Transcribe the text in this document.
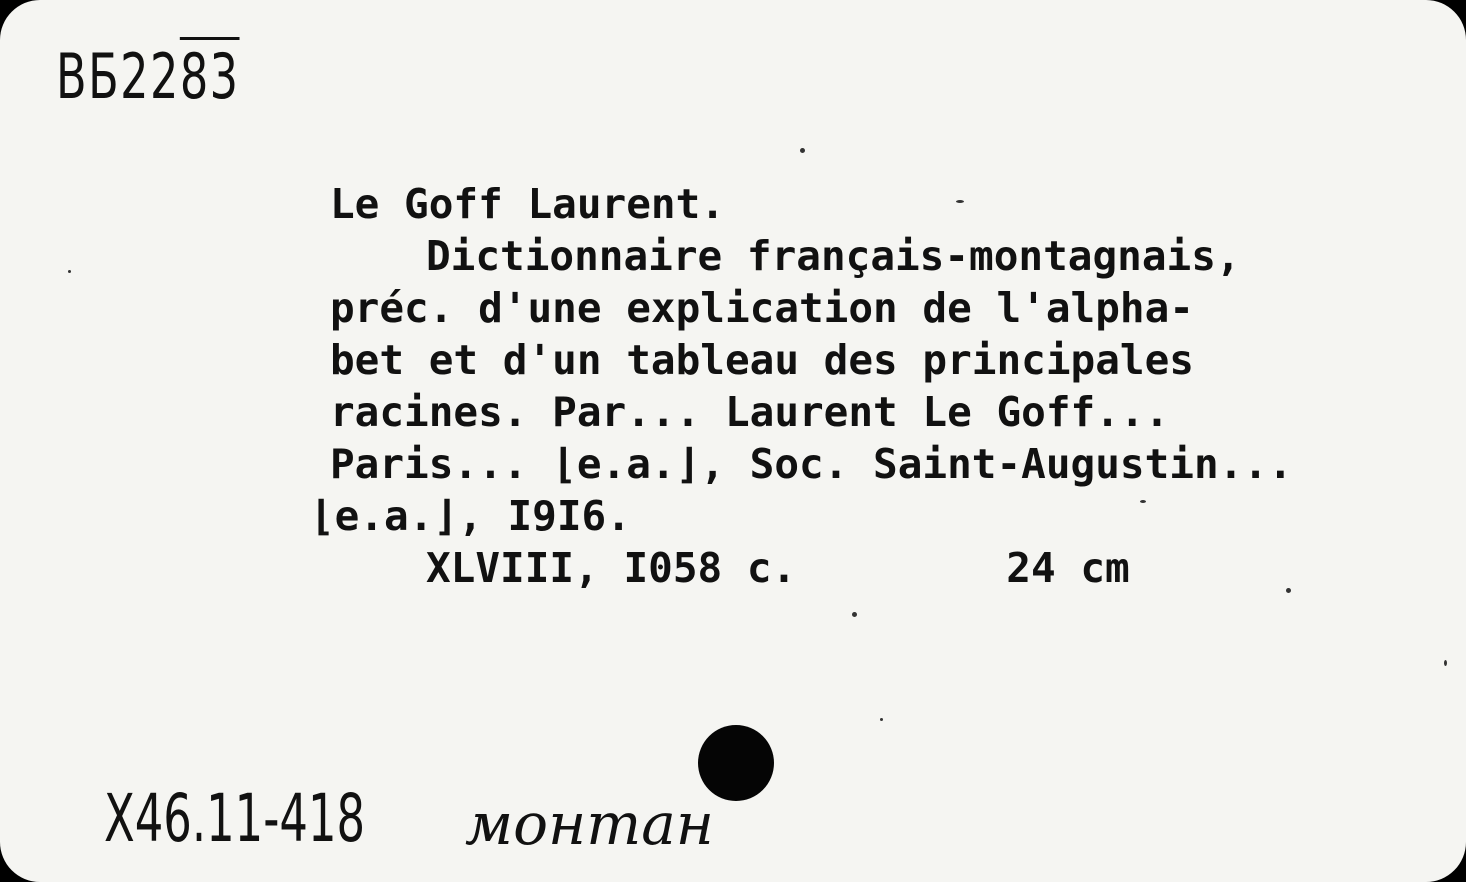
ВБ2283
Le Goff Laurent.
Dictionnaire français-montagnais,
préc. d'une explication de l'alpha-
bet et d'un tableau des principales
racines. Par... Laurent Le Goff...
Paris... ⌊e.a.⌋, Soc. Saint-Augustin...
⌊e.a.⌋, I9I6.
XLVIII, I058 c.	24 cm
X46.11-418 монтан
